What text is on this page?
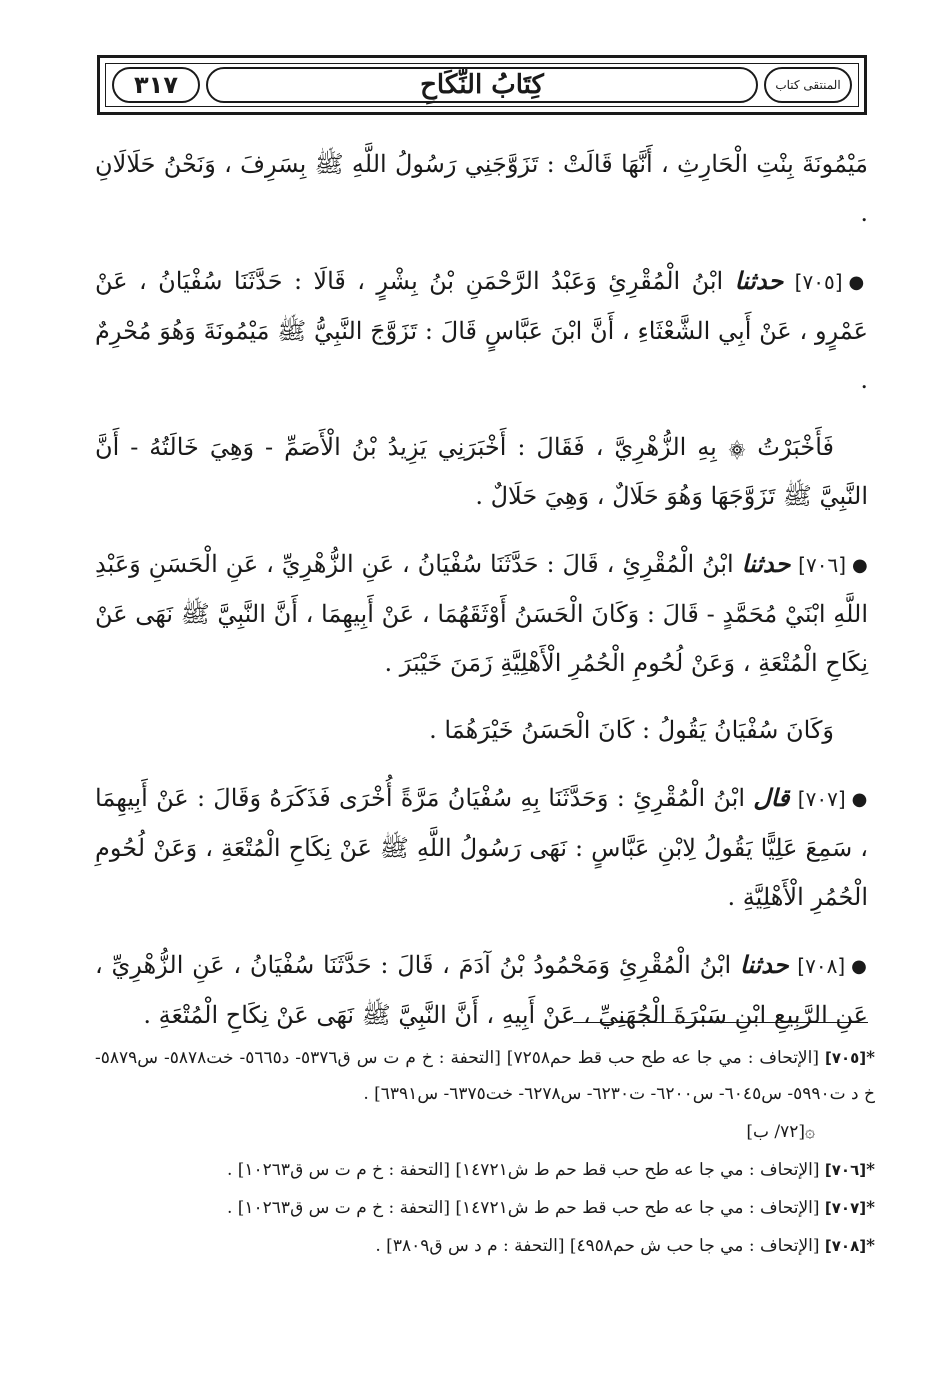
٣١٧	كِتَابُ النِّكَاحِ	المنتقى كتاب

مَيْمُونَةَ بِنْتِ الْحَارِثِ ، أَنَّهَا قَالَتْ : تَزَوَّجَنِي رَسُولُ اللَّهِ ﷺ بِسَرِفَ ، وَنَحْنُ حَلَالَانِ .

●[٧٠٥] حدثنا ابْنُ الْمُقْرِئِ وَعَبْدُ الرَّحْمَنِ بْنُ بِشْرٍ ، قَالَا : حَدَّثَنَا سُفْيَانُ ، عَنْ عَمْرٍو ، عَنْ أَبِي الشَّعْثَاءِ ، أَنَّ ابْنَ عَبَّاسٍ قَالَ : تَزَوَّجَ النَّبِيُّ ﷺ مَيْمُونَةَ وَهُوَ مُحْرِمٌ .

فَأَخْبَرْتُ ۞ بِهِ الزُّهْرِيَّ ، فَقَالَ : أَخْبَرَنِي يَزِيدُ بْنُ الْأَصَمِّ - وَهِيَ خَالَتُهُ - أَنَّ النَّبِيَّ ﷺ تَزَوَّجَهَا وَهُوَ حَلَالٌ ، وَهِيَ حَلَالٌ .

●[٧٠٦] حدثنا ابْنُ الْمُقْرِئِ ، قَالَ : حَدَّثَنَا سُفْيَانُ ، عَنِ الزُّهْرِيِّ ، عَنِ الْحَسَنِ وَعَبْدِ اللَّهِ ابْنَيْ مُحَمَّدٍ - قَالَ : وَكَانَ الْحَسَنُ أَوْثَقَهُمَا ، عَنْ أَبِيهِمَا ، أَنَّ النَّبِيَّ ﷺ نَهَى عَنْ نِكَاحِ الْمُتْعَةِ ، وَعَنْ لُحُومِ الْحُمُرِ الْأَهْلِيَّةِ زَمَنَ خَيْبَرَ .

وَكَانَ سُفْيَانُ يَقُولُ : كَانَ الْحَسَنُ خَيْرَهُمَا .

●[٧٠٧] قال ابْنُ الْمُقْرِئِ : وَحَدَّثَنَا بِهِ سُفْيَانُ مَرَّةً أُخْرَى فَذَكَرَهُ وَقَالَ : عَنْ أَبِيهِمَا ، سَمِعَ عَلِيًّا يَقُولُ لِابْنِ عَبَّاسٍ : نَهَى رَسُولُ اللَّهِ ﷺ عَنْ نِكَاحِ الْمُتْعَةِ ، وَعَنْ لُحُومِ الْحُمُرِ الْأَهْلِيَّةِ .

●[٧٠٨] حدثنا ابْنُ الْمُقْرِئِ وَمَحْمُودُ بْنُ آدَمَ ، قَالَ : حَدَّثَنَا سُفْيَانُ ، عَنِ الزُّهْرِيِّ ، عَنِ الرَّبِيعِ ابْنِ سَبْرَةَ الْجُهَنِيِّ ، عَنْ أَبِيهِ ، أَنَّ النَّبِيَّ ﷺ نَهَى عَنْ نِكَاحِ الْمُتْعَةِ .

*[٧٠٥] [الإتحاف : مي جا عه طح حب قط حم٧٢٥٨] [التحفة : خ م ت س ق٥٣٧٦- د٥٦٦٥- خت٥٨٧٨- س٥٨٧٩- خ د ت٥٩٩٠- س٦٠٤٥- س٦٢٠٠- ت٦٢٣٠- س٦٢٧٨- خت٦٣٧٥- س٦٣٩١] .

۞[٧٢/ ب]

*[٧٠٦] [الإتحاف : مي جا عه طح حب قط حم ط ش١٤٧٢١] [التحفة : خ م ت س ق١٠٢٦٣] .

*[٧٠٧] [الإتحاف : مي جا عه طح حب قط حم ط ش١٤٧٢١] [التحفة : خ م ت س ق١٠٢٦٣] .

*[٧٠٨] [الإتحاف : مي جا حب ش حم٤٩٥٨] [التحفة : م د س ق٣٨٠٩] .
